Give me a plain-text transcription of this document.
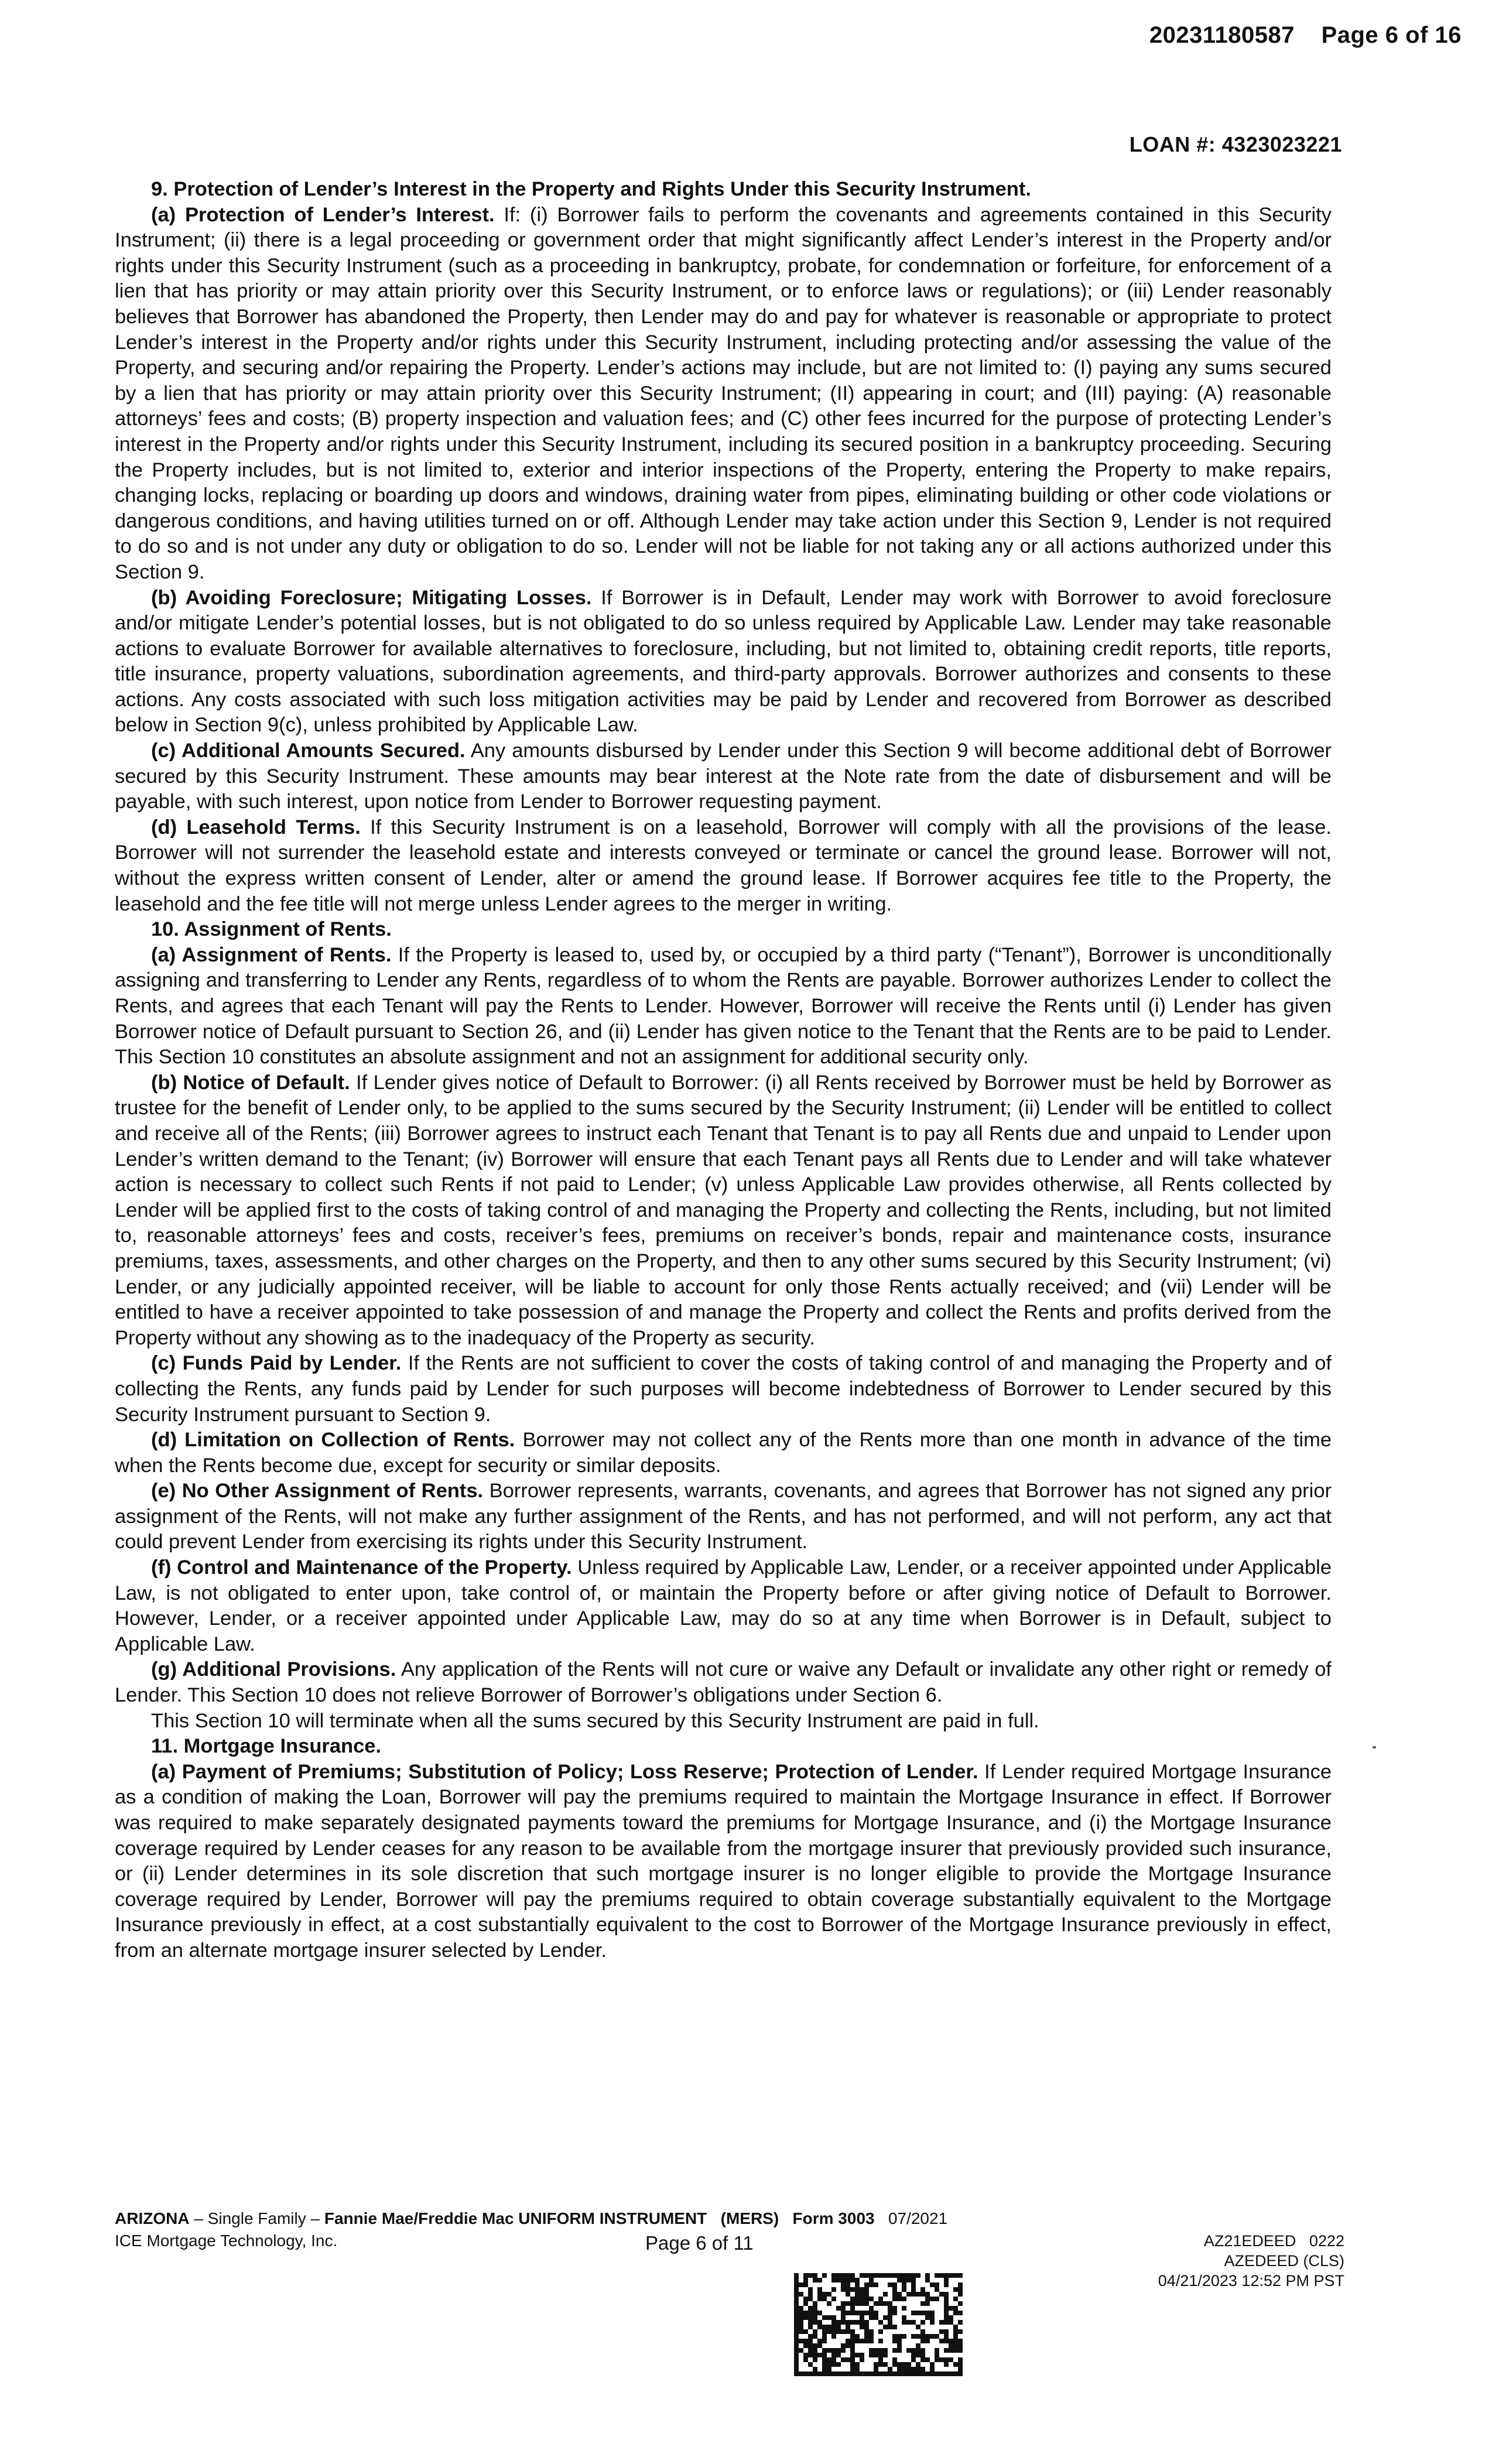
20231180587 Page 6 of 16
LOAN #: 4323023221

9. Protection of Lender’s Interest in the Property and Rights Under this Security Instrument.

(a) Protection of Lender’s Interest. If: (i) Borrower fails to perform the covenants and agreements contained in this Security Instrument; (ii) there is a legal proceeding or government order that might significantly affect Lender’s interest in the Property and/or rights under this Security Instrument (such as a proceeding in bankruptcy, probate, for condemnation or forfeiture, for enforcement of a lien that has priority or may attain priority over this Security Instrument, or to enforce laws or regulations); or (iii) Lender reasonably believes that Borrower has abandoned the Property, then Lender may do and pay for whatever is reasonable or appropriate to protect Lender’s interest in the Property and/or rights under this Security Instrument, including protecting and/or assessing the value of the Property, and securing and/or repairing the Property. Lender’s actions may include, but are not limited to: (I) paying any sums secured by a lien that has priority or may attain priority over this Security Instrument; (II) appearing in court; and (III) paying: (A) reasonable attorneys’ fees and costs; (B) property inspection and valuation fees; and (C) other fees incurred for the purpose of protecting Lender’s interest in the Property and/or rights under this Security Instrument, including its secured position in a bankruptcy proceeding. Securing the Property includes, but is not limited to, exterior and interior inspections of the Property, entering the Property to make repairs, changing locks, replacing or boarding up doors and windows, draining water from pipes, eliminating building or other code violations or dangerous conditions, and having utilities turned on or off. Although Lender may take action under this Section 9, Lender is not required to do so and is not under any duty or obligation to do so. Lender will not be liable for not taking any or all actions authorized under this Section 9.

(b) Avoiding Foreclosure; Mitigating Losses. If Borrower is in Default, Lender may work with Borrower to avoid foreclosure and/or mitigate Lender’s potential losses, but is not obligated to do so unless required by Applicable Law. Lender may take reasonable actions to evaluate Borrower for available alternatives to foreclosure, including, but not limited to, obtaining credit reports, title reports, title insurance, property valuations, subordination agreements, and third-party approvals. Borrower authorizes and consents to these actions. Any costs associated with such loss mitigation activities may be paid by Lender and recovered from Borrower as described below in Section 9(c), unless prohibited by Applicable Law.

(c) Additional Amounts Secured. Any amounts disbursed by Lender under this Section 9 will become additional debt of Borrower secured by this Security Instrument. These amounts may bear interest at the Note rate from the date of disbursement and will be payable, with such interest, upon notice from Lender to Borrower requesting payment.

(d) Leasehold Terms. If this Security Instrument is on a leasehold, Borrower will comply with all the provisions of the lease. Borrower will not surrender the leasehold estate and interests conveyed or terminate or cancel the ground lease. Borrower will not, without the express written consent of Lender, alter or amend the ground lease. If Borrower acquires fee title to the Property, the leasehold and the fee title will not merge unless Lender agrees to the merger in writing.

10. Assignment of Rents.

(a) Assignment of Rents. If the Property is leased to, used by, or occupied by a third party (“Tenant”), Borrower is unconditionally assigning and transferring to Lender any Rents, regardless of to whom the Rents are payable. Borrower authorizes Lender to collect the Rents, and agrees that each Tenant will pay the Rents to Lender. However, Borrower will receive the Rents until (i) Lender has given Borrower notice of Default pursuant to Section 26, and (ii) Lender has given notice to the Tenant that the Rents are to be paid to Lender. This Section 10 constitutes an absolute assignment and not an assignment for additional security only.

(b) Notice of Default. If Lender gives notice of Default to Borrower: (i) all Rents received by Borrower must be held by Borrower as trustee for the benefit of Lender only, to be applied to the sums secured by the Security Instrument; (ii) Lender will be entitled to collect and receive all of the Rents; (iii) Borrower agrees to instruct each Tenant that Tenant is to pay all Rents due and unpaid to Lender upon Lender’s written demand to the Tenant; (iv) Borrower will ensure that each Tenant pays all Rents due to Lender and will take whatever action is necessary to collect such Rents if not paid to Lender; (v) unless Applicable Law provides otherwise, all Rents collected by Lender will be applied first to the costs of taking control of and managing the Property and collecting the Rents, including, but not limited to, reasonable attorneys’ fees and costs, receiver’s fees, premiums on receiver’s bonds, repair and maintenance costs, insurance premiums, taxes, assessments, and other charges on the Property, and then to any other sums secured by this Security Instrument; (vi) Lender, or any judicially appointed receiver, will be liable to account for only those Rents actually received; and (vii) Lender will be entitled to have a receiver appointed to take possession of and manage the Property and collect the Rents and profits derived from the Property without any showing as to the inadequacy of the Property as security.

(c) Funds Paid by Lender. If the Rents are not sufficient to cover the costs of taking control of and managing the Property and of collecting the Rents, any funds paid by Lender for such purposes will become indebtedness of Borrower to Lender secured by this Security Instrument pursuant to Section 9.

(d) Limitation on Collection of Rents. Borrower may not collect any of the Rents more than one month in advance of the time when the Rents become due, except for security or similar deposits.

(e) No Other Assignment of Rents. Borrower represents, warrants, covenants, and agrees that Borrower has not signed any prior assignment of the Rents, will not make any further assignment of the Rents, and has not performed, and will not perform, any act that could prevent Lender from exercising its rights under this Security Instrument.

(f) Control and Maintenance of the Property. Unless required by Applicable Law, Lender, or a receiver appointed under Applicable Law, is not obligated to enter upon, take control of, or maintain the Property before or after giving notice of Default to Borrower. However, Lender, or a receiver appointed under Applicable Law, may do so at any time when Borrower is in Default, subject to Applicable Law.

(g) Additional Provisions. Any application of the Rents will not cure or waive any Default or invalidate any other right or remedy of Lender. This Section 10 does not relieve Borrower of Borrower’s obligations under Section 6.

This Section 10 will terminate when all the sums secured by this Security Instrument are paid in full.

11. Mortgage Insurance.

(a) Payment of Premiums; Substitution of Policy; Loss Reserve; Protection of Lender. If Lender required Mortgage Insurance as a condition of making the Loan, Borrower will pay the premiums required to maintain the Mortgage Insurance in effect. If Borrower was required to make separately designated payments toward the premiums for Mortgage Insurance, and (i) the Mortgage Insurance coverage required by Lender ceases for any reason to be available from the mortgage insurer that previously provided such insurance, or (ii) Lender determines in its sole discretion that such mortgage insurer is no longer eligible to provide the Mortgage Insurance coverage required by Lender, Borrower will pay the premiums required to obtain coverage substantially equivalent to the Mortgage Insurance previously in effect, at a cost substantially equivalent to the cost to Borrower of the Mortgage Insurance previously in effect, from an alternate mortgage insurer selected by Lender.

ARIZONA – Single Family – Fannie Mae/Freddie Mac UNIFORM INSTRUMENT (MERS) Form 3003 07/2021
ICE Mortgage Technology, Inc.	Page 6 of 11	AZ21EDEED 0222
AZEDEED (CLS)
04/21/2023 12:52 PM PST
